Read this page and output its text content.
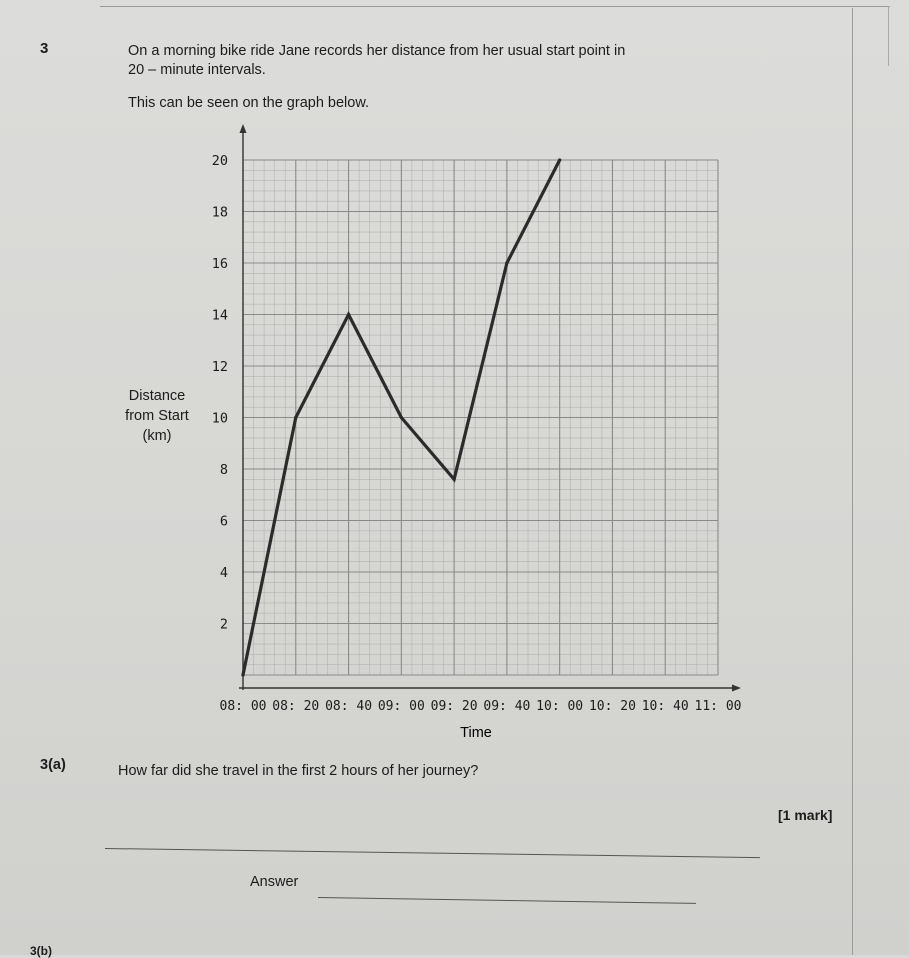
3	On a morning bike ride Jane records her distance from her usual start point in
20 – minute intervals.
This can be seen on the graph below.
Distance
from Start
(km)
2
4
6
8
10
12
14
16
18
20
08: 00 08: 20 08: 40 09: 00 09: 20 09: 40 10: 00 10: 20 10: 40 11: 00
Time
3(a)	How far did she travel in the first 2 hours of her journey?
[1 mark]
Answer
3(b)
